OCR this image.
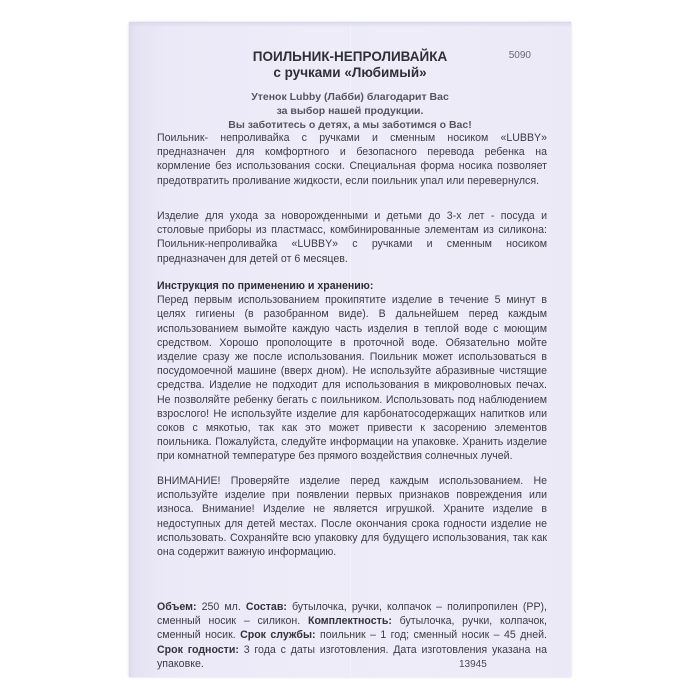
ПОИЛЬНИК-НЕПРОЛИВАЙКА
с ручками «Любимый»
5090
Утенок Lubby (Лабби) благодарит Вас
за выбор нашей продукции.
Вы заботитесь о детях, а мы заботимся о Вас!
Поильник- непроливайка с ручками и сменным носиком «LUBBY» предназначен для комфортного и безопасного перевода ребенка на кормление без использования соски. Специальная форма носика позволяет предотвратить проливание жидкости, если поильник упал или перевернулся.
Изделие для ухода за новорожденными и детьми до 3-х лет - посуда и столовые приборы из пластмасс, комбинированные элементам из силикона: Поильник-непроливайка «LUBBY» с ручками и сменным носиком предназначен для детей от 6 месяцев.
Инструкция по применению и хранению:
Перед первым использованием прокипятите изделие в течение 5 минут в целях гигиены (в разобранном виде). В дальнейшем перед каждым использованием вымойте каждую часть изделия в теплой воде с моющим средством. Хорошо прополощите в проточной воде. Обязательно мойте изделие сразу же после использования. Поильник может использоваться в посудомоечной машине (вверх дном). Не используйте абразивные чистящие средства. Изделие не подходит для использования в микроволновых печах. Не позволяйте ребенку бегать с поильником. Использовать под наблюдением взрослого! Не используйте изделие для карбонатосодержащих напитков или соков с мякотью, так как это может привести к засорению элементов поильника. Пожалуйста, следуйте информации на упаковке. Хранить изделие при комнатной температуре без прямого воздействия солнечных лучей.
ВНИМАНИЕ! Проверяйте изделие перед каждым использованием. Не используйте изделие при появлении первых признаков повреждения или износа. Внимание! Изделие не является игрушкой. Храните изделие в недоступных для детей местах. После окончания срока годности изделие не использовать. Сохраняйте всю упаковку для будущего использования, так как она содержит важную информацию.
Объем: 250 мл. Состав: бутылочка, ручки, колпачок – полипропилен (PP), сменный носик – силикон. Комплектность: бутылочка, ручки, колпачок, сменный носик. Срок службы: поильник – 1 год; сменный носик – 45 дней. Срок годности: 3 года с даты изготовления. Дата изготовления указана на упаковке.	13945
